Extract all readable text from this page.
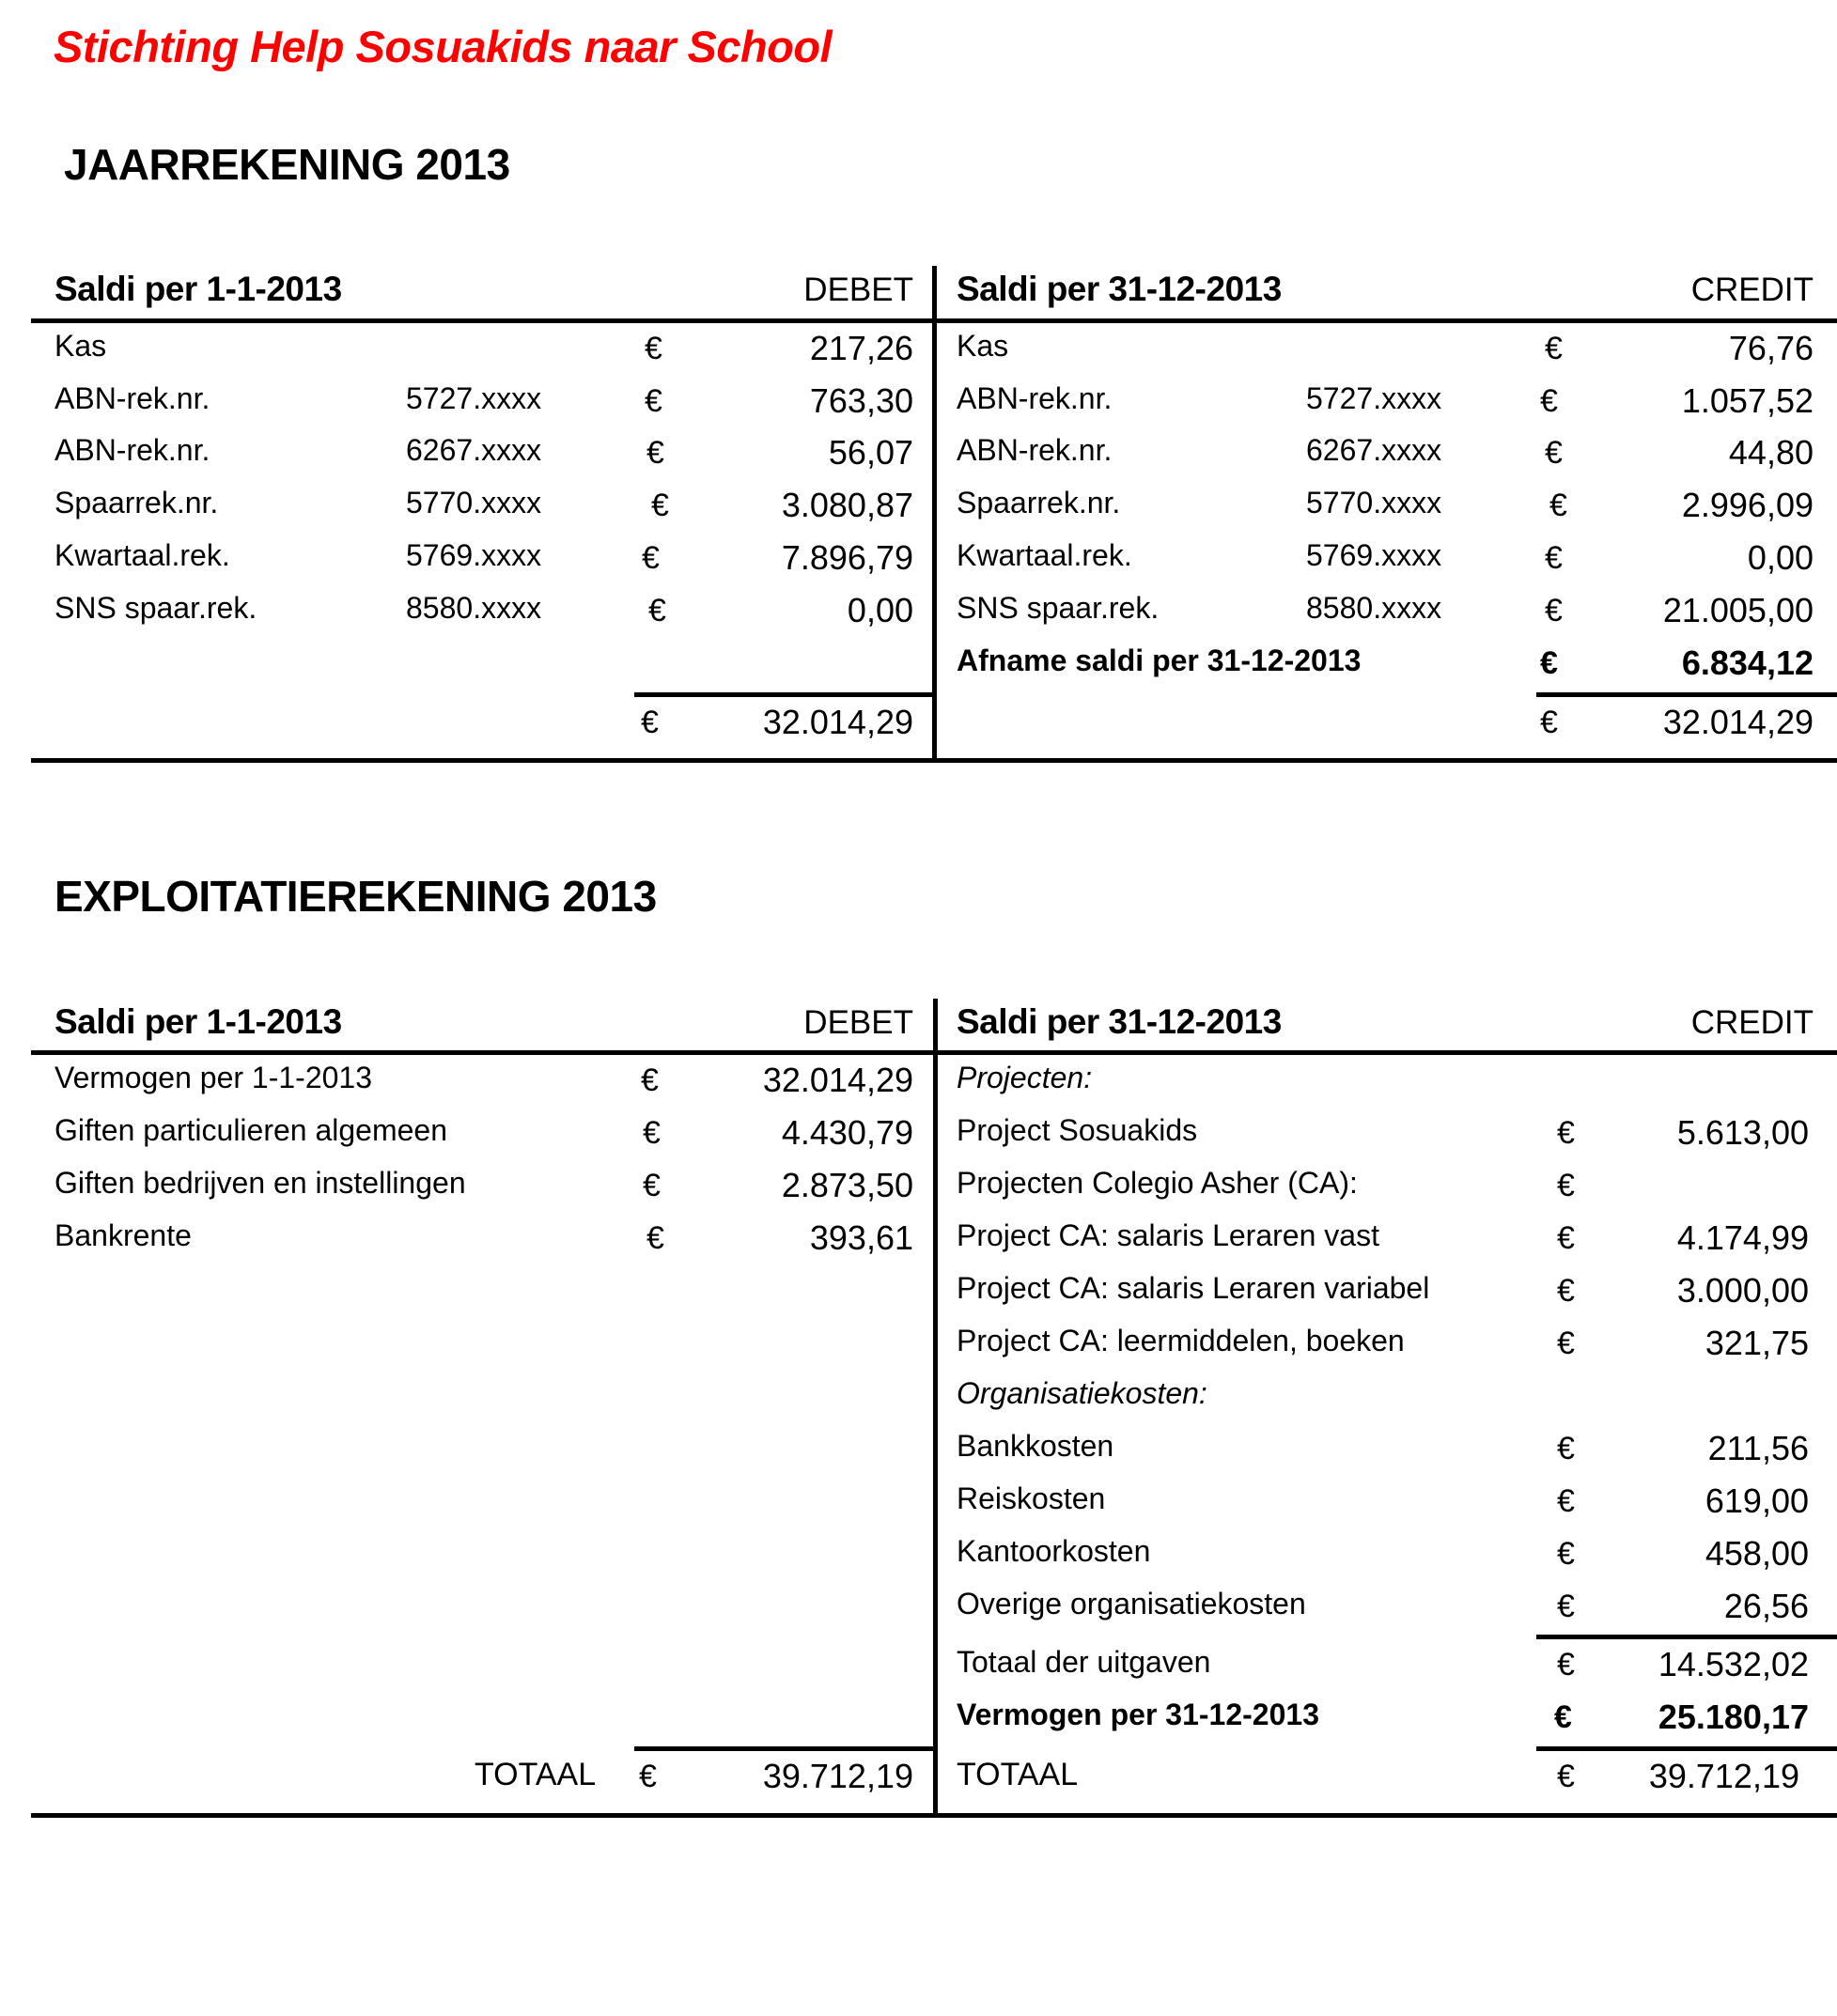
Stichting Help Sosuakids naar School
JAARREKENING 2013
Saldi per 1-1-2013	DEBET Saldi per 31-12-2013	CREDIT
Kas	€	217,26
ABN-rek.nr.	5727.xxxx	€	763,30
ABN-rek.nr.	6267.xxxx	€	56,07
Spaarrek.nr.	5770.xxxx	€	3.080,87
Kwartaal.rek.	5769.xxxx	€	7.896,79
SNS spaar.rek.	8580.xxxx	€	0,00
€	32.014,29
Kas	€	76,76
ABN-rek.nr.	5727.xxxx	€	1.057,52
ABN-rek.nr.	6267.xxxx	€	44,80
Spaarrek.nr.	5770.xxxx	€	2.996,09
Kwartaal.rek.	5769.xxxx	€	0,00
SNS spaar.rek.	8580.xxxx	€	21.005,00
Afname saldi per 31-12-2013	€	6.834,12
€	32.014,29
EXPLOITATIEREKENING 2013
Saldi per 1-1-2013	DEBET Saldi per 31-12-2013	CREDIT
Vermogen per 1-1-2013	€	32.014,29
Giften particulieren algemeen	€	4.430,79
Giften bedrijven en instellingen	€	2.873,50
Bankrente	€	393,61
TOTAAL €	39.712,19
Projecten:
Project Sosuakids	€	5.613,00
Projecten Colegio Asher (CA):	€
Project CA: salaris Leraren vast	€	4.174,99
Project CA: salaris Leraren variabel	€	3.000,00
Project CA: leermiddelen, boeken	€	321,75
Organisatiekosten:
Bankkosten	€	211,56
Reiskosten	€	619,00
Kantoorkosten	€	458,00
Overige organisatiekosten	€	26,56
Totaal der uitgaven	€ 14.532,02
Vermogen per 31-12-2013	€	25.180,17
TOTAAL	€ 39.712,19
